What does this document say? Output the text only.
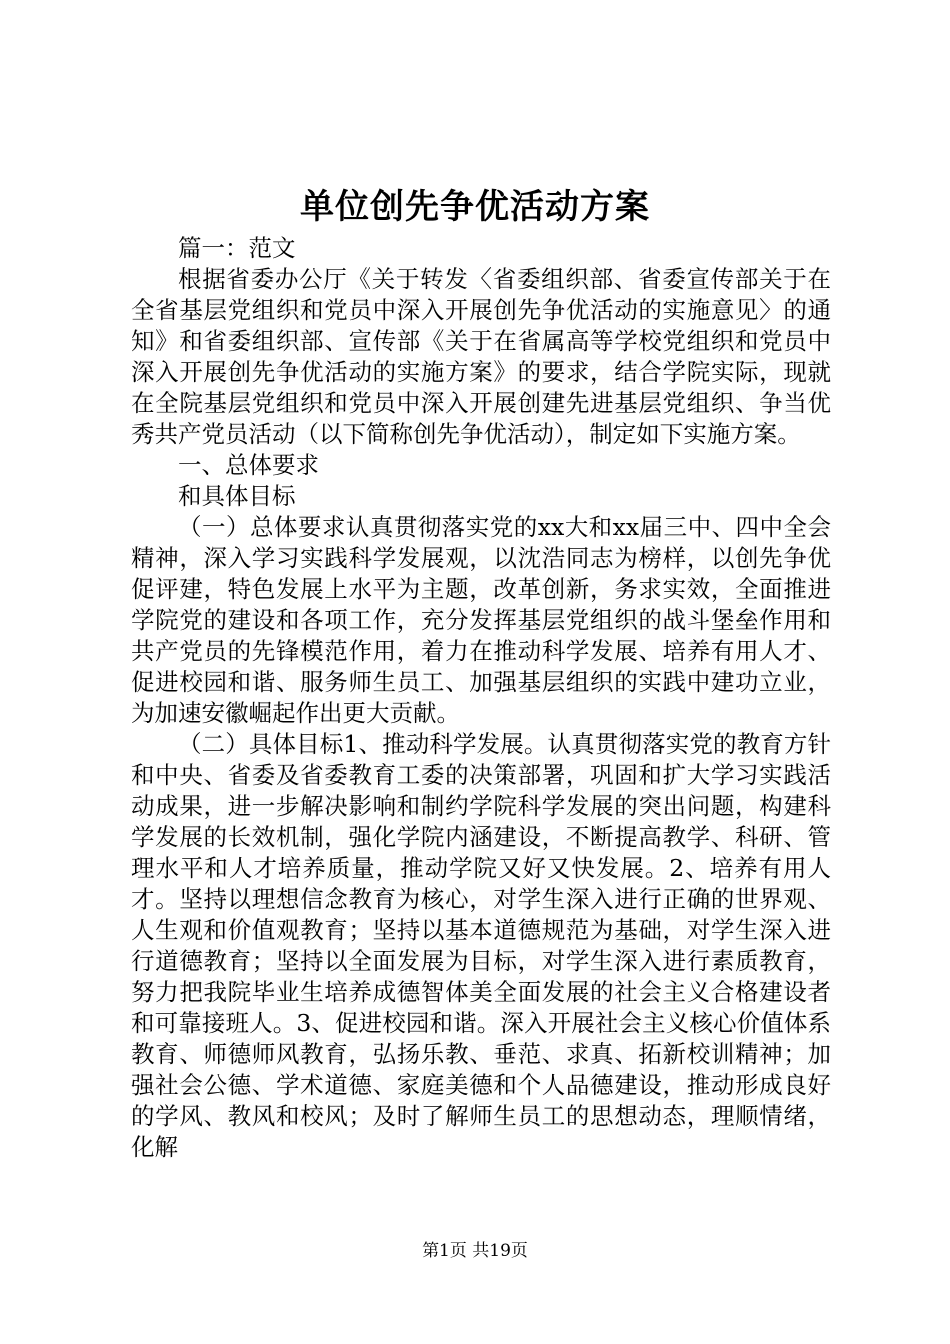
单位创先争优活动方案

篇一：范文

根据省委办公厅《关于转发〈省委组织部、省委宣传部关于在全省基层党组织和党员中深入开展创先争优活动的实施意见〉的通知》和省委组织部、宣传部《关于在省属高等学校党组织和党员中深入开展创先争优活动的实施方案》的要求，结合学院实际，现就在全院基层党组织和党员中深入开展创建先进基层党组织、争当优秀共产党员活动（以下简称创先争优活动），制定如下实施方案。

一、总体要求

和具体目标

（一）总体要求认真贯彻落实党的xx大和xx届三中、四中全会精神，深入学习实践科学发展观，以沈浩同志为榜样，以创先争优促评建，特色发展上水平为主题，改革创新，务求实效，全面推进学院党的建设和各项工作，充分发挥基层党组织的战斗堡垒作用和共产党员的先锋模范作用，着力在推动科学发展、培养有用人才、促进校园和谐、服务师生员工、加强基层组织的实践中建功立业，为加速安徽崛起作出更大贡献。

（二）具体目标1、推动科学发展。认真贯彻落实党的教育方针和中央、省委及省委教育工委的决策部署，巩固和扩大学习实践活动成果，进一步解决影响和制约学院科学发展的突出问题，构建科学发展的长效机制，强化学院内涵建设，不断提高教学、科研、管理水平和人才培养质量，推动学院又好又快发展。2、培养有用人才。坚持以理想信念教育为核心，对学生深入进行正确的世界观、人生观和价值观教育；坚持以基本道德规范为基础，对学生深入进行道德教育；坚持以全面发展为目标，对学生深入进行素质教育，努力把我院毕业生培养成德智体美全面发展的社会主义合格建设者和可靠接班人。3、促进校园和谐。深入开展社会主义核心价值体系教育、师德师风教育，弘扬乐教、垂范、求真、拓新校训精神；加强社会公德、学术道德、家庭美德和个人品德建设，推动形成良好的学风、教风和校风；及时了解师生员工的思想动态，理顺情绪，化解

第1页 共19页
